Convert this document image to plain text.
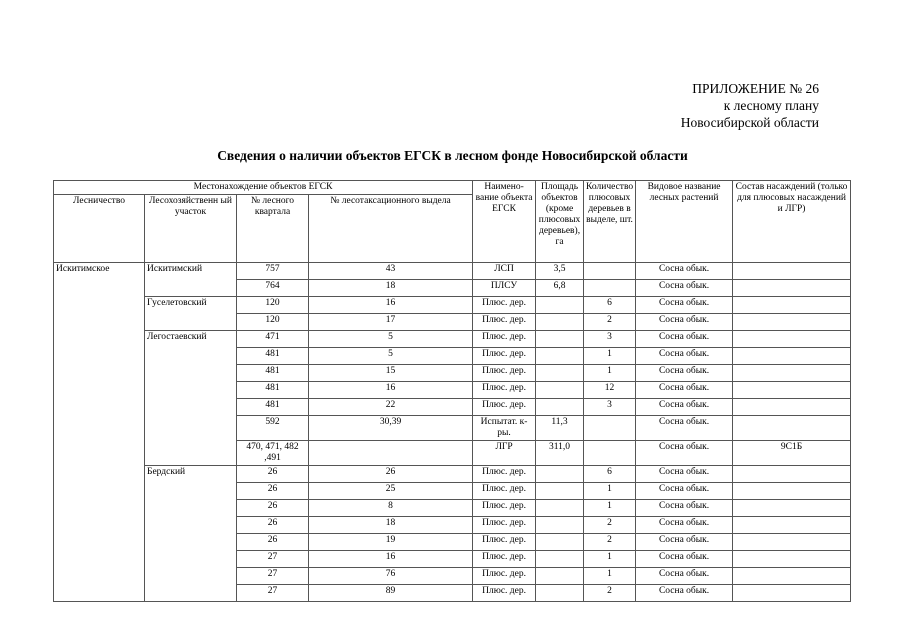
ПРИЛОЖЕНИЕ № 26
к лесному плану
Новосибирской области
Сведения о наличии объектов ЕГСК в лесном фонде Новосибирской области
Местонахождение объектов ЕГСК				Наимено- вание объекта ЕГСК	Площадь объектов (кроме плюсовых деревьев), га	Количество плюсовых деревьев в выделе, шт.	Видовое название лесных растений	Состав насаждений (только для плюсовых насаждений и ЛГР)
Лесничество	Лесохозяйственн ый участок	№ лесного квартала	№ лесотаксационного выдела					
Искитимское	Искитимский	757	43	ЛСП	3,5		Сосна обык.	
		764	18	ПЛСУ	6,8		Сосна обык.	
	Гуселетовский	120	16	Плюс. дер.		6	Сосна обык.	
		120	17	Плюс. дер.		2	Сосна обык.	
	Легостаевский	471	5	Плюс. дер.		3	Сосна обык.	
		481	5	Плюс. дер.		1	Сосна обык.	
		481	15	Плюс. дер.		1	Сосна обык.	
		481	16	Плюс. дер.		12	Сосна обык.	
		481	22	Плюс. дер.		3	Сосна обык.	
		592	30,39	Испытат. к-ры.	11,3		Сосна обык.	
		470, 471, 482 ,491		ЛГР	311,0		Сосна обык.	9С1Б
	Бердский	26	26	Плюс. дер.		6	Сосна обык.	
		26	25	Плюс. дер.		1	Сосна обык.	
		26	8	Плюс. дер.		1	Сосна обык.	
		26	18	Плюс. дер.		2	Сосна обык.	
		26	19	Плюс. дер.		2	Сосна обык.	
		27	16	Плюс. дер.		1	Сосна обык.	
		27	76	Плюс. дер.		1	Сосна обык.	
		27	89	Плюс. дер.		2	Сосна обык.	
